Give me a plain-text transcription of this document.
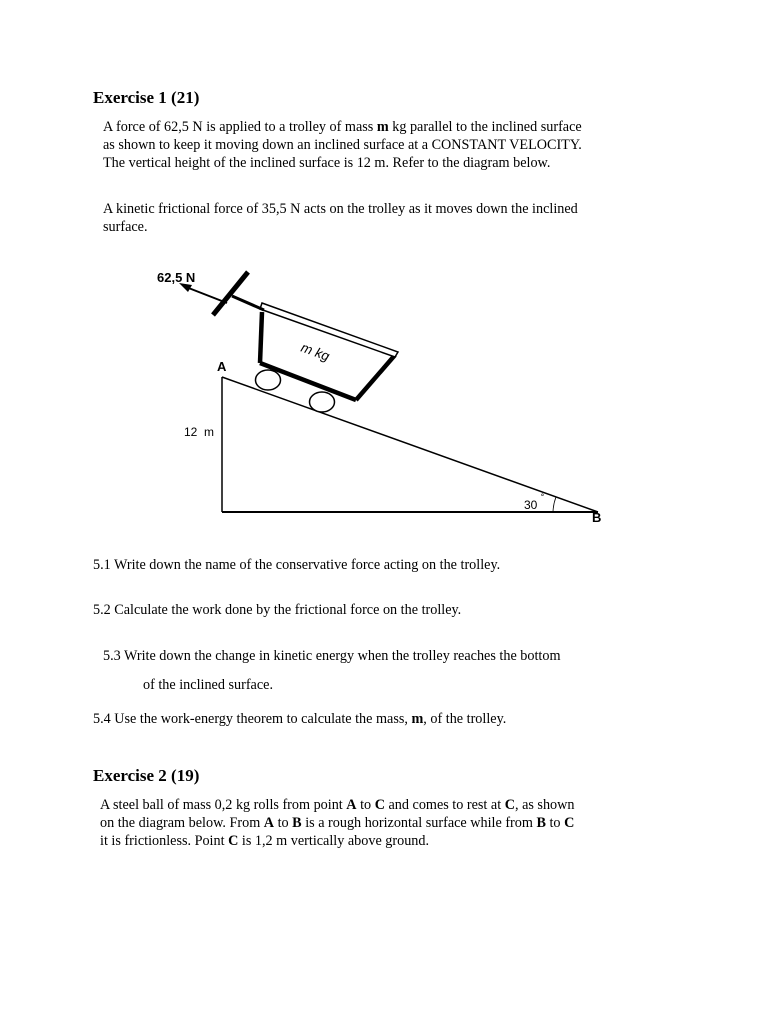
Exercise 1 (21)

A force of 62,5 N is applied to a trolley of mass m kg parallel to the inclined surface

as shown to keep it moving down an inclined surface at a CONSTANT VELOCITY.

The vertical height of the inclined surface is 12 m. Refer to the diagram below.

A kinetic frictional force of 35,5 N acts on the trolley as it moves down the inclined

surface.

62,5 N
m kg
A
B
12  m
30 ˚

5.1 Write down the name of the conservative force acting on the trolley.

5.2 Calculate the work done by the frictional force on the trolley.

5.3 Write down the change in kinetic energy when the trolley reaches the bottom

of the inclined surface.

5.4 Use the work-energy theorem to calculate the mass, m, of the trolley.

Exercise 2 (19)

A steel ball of mass 0,2 kg rolls from point A to C and comes to rest at C, as shown

on the diagram below. From A to B is a rough horizontal surface while from B to C

it is frictionless. Point C is 1,2 m vertically above ground.
